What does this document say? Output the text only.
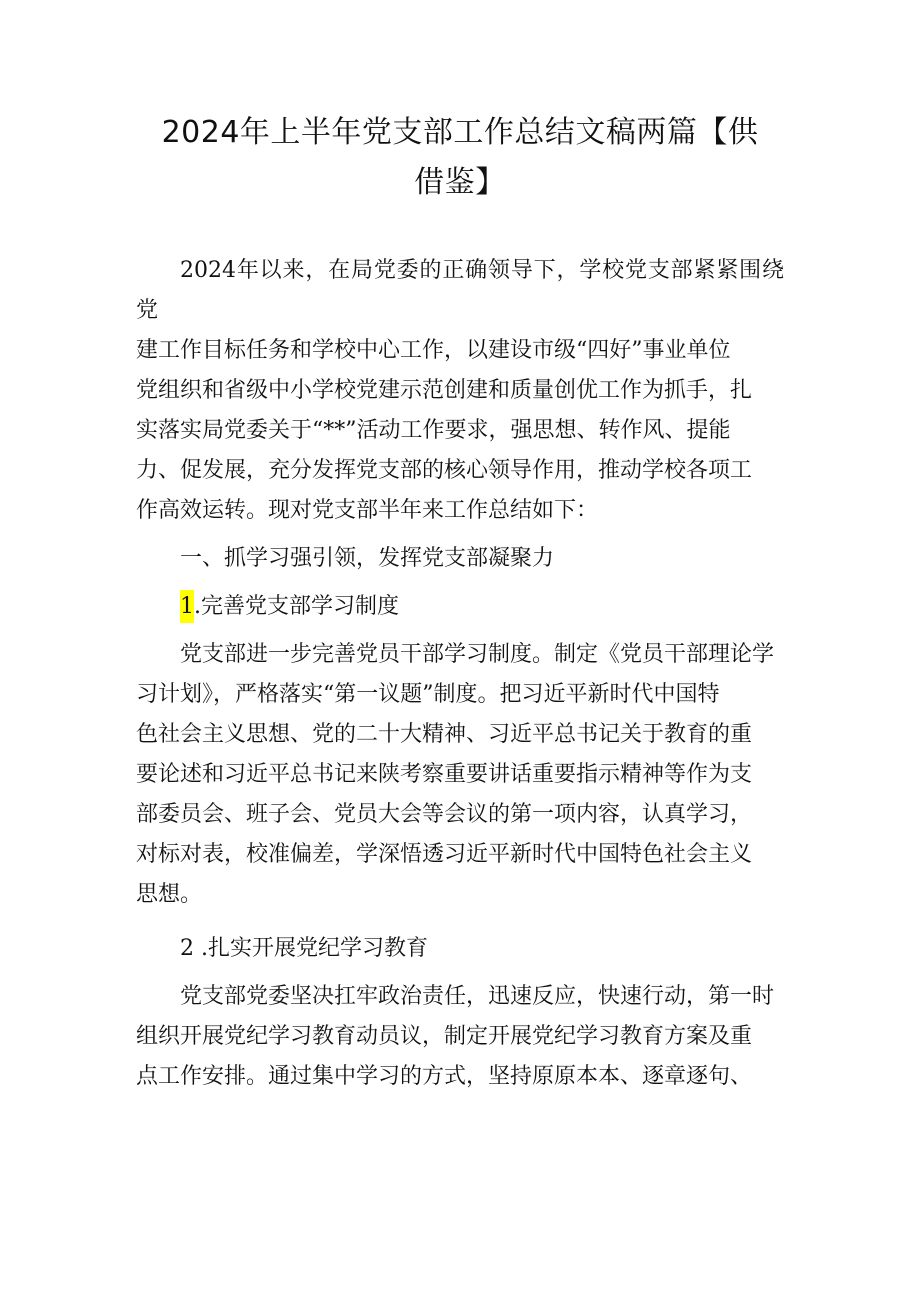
2024年上半年党支部工作总结文稿两篇【供
借鉴】

2024年以来，在局党委的正确领导下，学校党支部紧紧围绕党
建工作目标任务和学校中心工作，以建设市级“四好”事业单位
党组织和省级中小学校党建示范创建和质量创优工作为抓手，扎
实落实局党委关于“**”活动工作要求，强思想、转作风、提能
力、促发展，充分发挥党支部的核心领导作用，推动学校各项工
作高效运转。现对党支部半年来工作总结如下：

一、抓学习强引领，发挥党支部凝聚力

1.完善党支部学习制度

党支部进一步完善党员干部学习制度。制定《党员干部理论学
习计划》，严格落实“第一议题”制度。把习近平新时代中国特
色社会主义思想、党的二十大精神、习近平总书记关于教育的重
要论述和习近平总书记来陕考察重要讲话重要指示精神等作为支
部委员会、班子会、党员大会等会议的第一项内容，认真学习，
对标对表，校准偏差，学深悟透习近平新时代中国特色社会主义
思想。

2 .扎实开展党纪学习教育

党支部党委坚决扛牢政治责任，迅速反应，快速行动，第一时
组织开展党纪学习教育动员议，制定开展党纪学习教育方案及重
点工作安排。通过集中学习的方式，坚持原原本本、逐章逐句、
